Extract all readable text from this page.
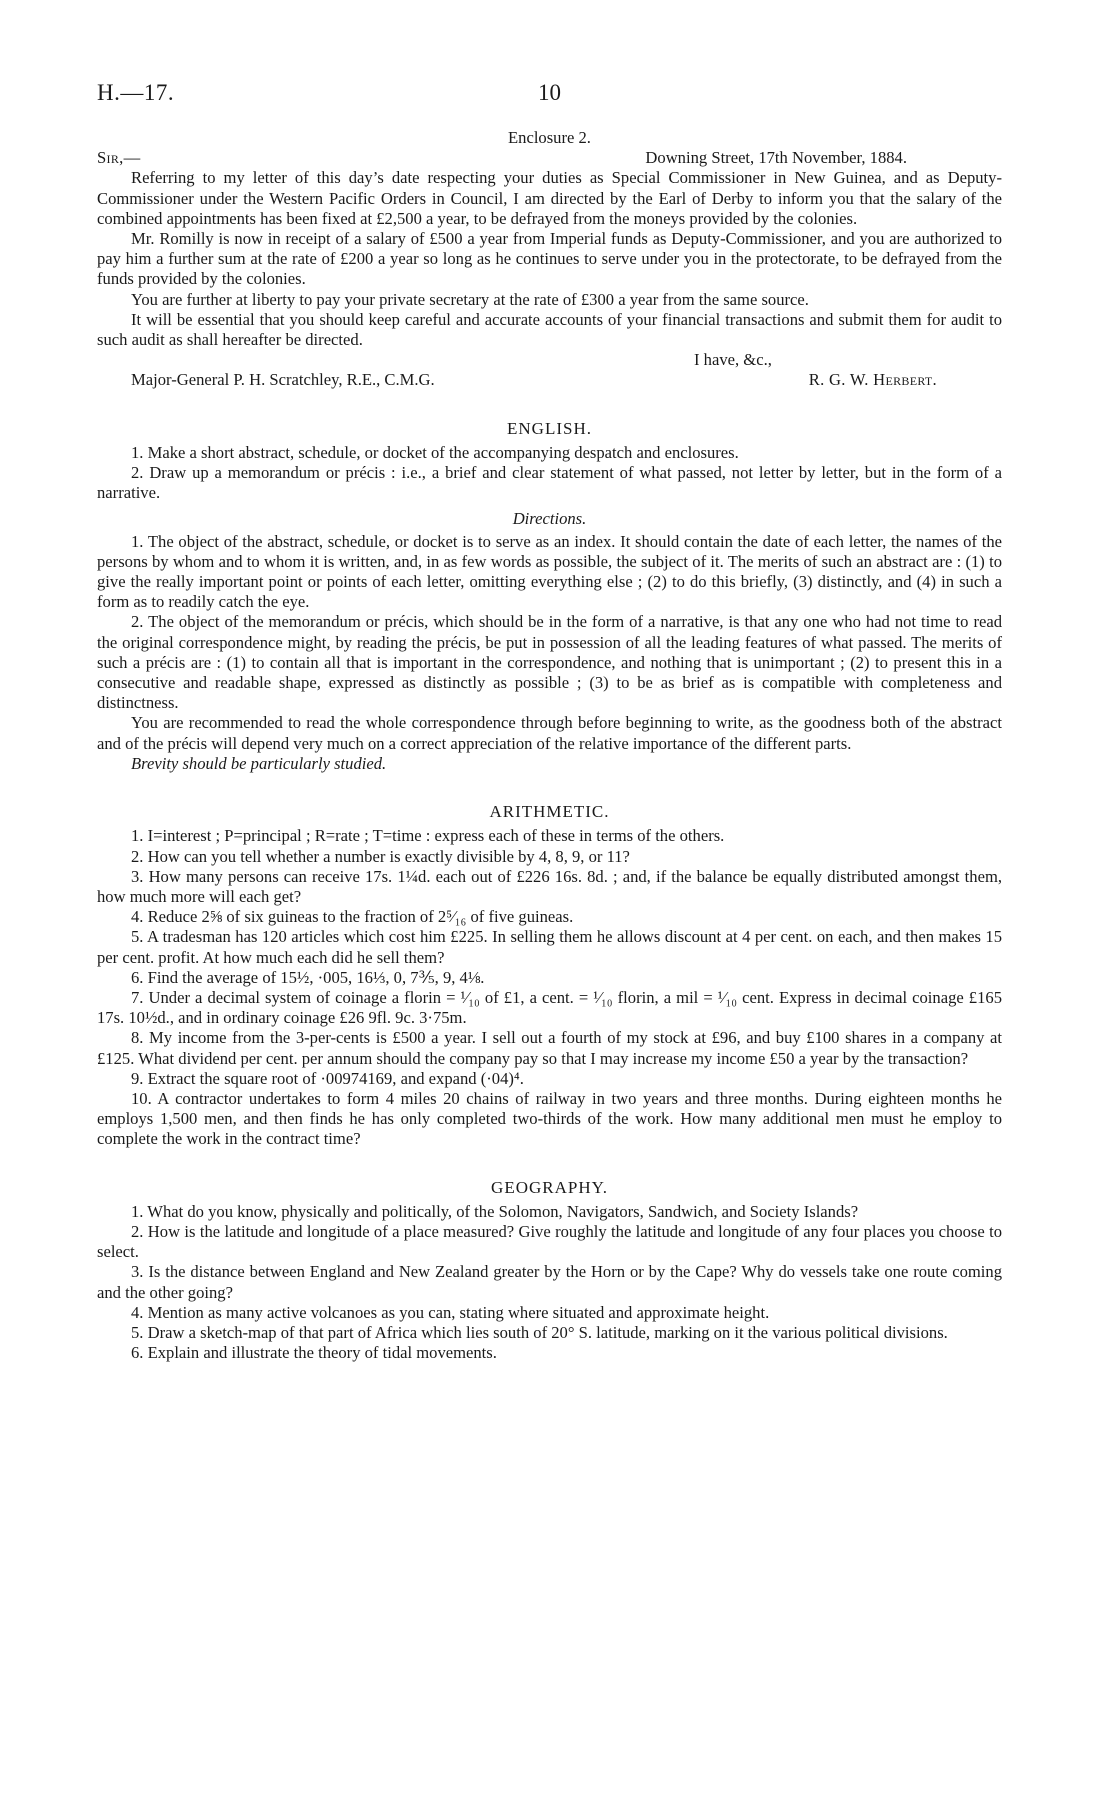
H.—17.	10

Enclosure 2.

Sir,—	Downing Street, 17th November, 1884.

Referring to my letter of this day’s date respecting your duties as Special Commissioner in New Guinea, and as Deputy-Commissioner under the Western Pacific Orders in Council, I am directed by the Earl of Derby to inform you that the salary of the combined appointments has been fixed at £2,500 a year, to be defrayed from the moneys provided by the colonies.

Mr. Romilly is now in receipt of a salary of £500 a year from Imperial funds as Deputy-Commissioner, and you are authorized to pay him a further sum at the rate of £200 a year so long as he continues to serve under you in the protectorate, to be defrayed from the funds provided by the colonies.

You are further at liberty to pay your private secretary at the rate of £300 a year from the same source.

It will be essential that you should keep careful and accurate accounts of your financial transactions and submit them for audit to such audit as shall hereafter be directed.

I have, &c.,

Major-General P. H. Scratchley, R.E., C.M.G.	R. G. W. Herbert.

ENGLISH.

1. Make a short abstract, schedule, or docket of the accompanying despatch and enclosures.

2. Draw up a memorandum or précis : i.e., a brief and clear statement of what passed, not letter by letter, but in the form of a narrative.

Directions.

1. The object of the abstract, schedule, or docket is to serve as an index. It should contain the date of each letter, the names of the persons by whom and to whom it is written, and, in as few words as possible, the subject of it. The merits of such an abstract are : (1) to give the really important point or points of each letter, omitting everything else ; (2) to do this briefly, (3) distinctly, and (4) in such a form as to readily catch the eye.

2. The object of the memorandum or précis, which should be in the form of a narrative, is that any one who had not time to read the original correspondence might, by reading the précis, be put in possession of all the leading features of what passed. The merits of such a précis are : (1) to contain all that is important in the correspondence, and nothing that is unimportant ; (2) to present this in a consecutive and readable shape, expressed as distinctly as possible ; (3) to be as brief as is compatible with completeness and distinctness.

You are recommended to read the whole correspondence through before beginning to write, as the goodness both of the abstract and of the précis will depend very much on a correct appreciation of the relative importance of the different parts.

Brevity should be particularly studied.

ARITHMETIC.

1. I=interest ; P=principal ; R=rate ; T=time : express each of these in terms of the others.

2. How can you tell whether a number is exactly divisible by 4, 8, 9, or 11?

3. How many persons can receive 17s. 1¼d. each out of £226 16s. 8d. ; and, if the balance be equally distributed amongst them, how much more will each get?

4. Reduce 2⅝ of six guineas to the fraction of 2⁵⁄₁₆ of five guineas.

5. A tradesman has 120 articles which cost him £225. In selling them he allows discount at 4 per cent. on each, and then makes 15 per cent. profit. At how much each did he sell them?

6. Find the average of 15½, ·005, 16⅓, 0, 7⅗, 9, 4⅛.

7. Under a decimal system of coinage a florin = ¹⁄₁₀ of £1, a cent. = ¹⁄₁₀ florin, a mil = ¹⁄₁₀ cent. Express in decimal coinage £165 17s. 10½d., and in ordinary coinage £26 9fl. 9c. 3·75m.

8. My income from the 3-per-cents is £500 a year. I sell out a fourth of my stock at £96, and buy £100 shares in a company at £125. What dividend per cent. per annum should the company pay so that I may increase my income £50 a year by the transaction?

9. Extract the square root of ·00974169, and expand (·04)⁴.

10. A contractor undertakes to form 4 miles 20 chains of railway in two years and three months. During eighteen months he employs 1,500 men, and then finds he has only completed two-thirds of the work. How many additional men must he employ to complete the work in the contract time?

GEOGRAPHY.

1. What do you know, physically and politically, of the Solomon, Navigators, Sandwich, and Society Islands?

2. How is the latitude and longitude of a place measured? Give roughly the latitude and longitude of any four places you choose to select.

3. Is the distance between England and New Zealand greater by the Horn or by the Cape? Why do vessels take one route coming and the other going?

4. Mention as many active volcanoes as you can, stating where situated and approximate height.

5. Draw a sketch-map of that part of Africa which lies south of 20° S. latitude, marking on it the various political divisions.

6. Explain and illustrate the theory of tidal movements.
